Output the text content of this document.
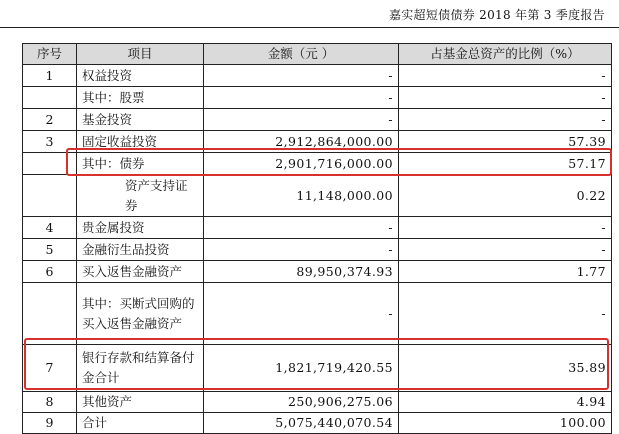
嘉实超短债债券 2018 年第 3 季度报告
序号	项目	金额（元 ）	占基金总资产的比例（%）
1	权益投资	-	-
	其中：股票	-	-
2	基金投资	-	-
3	固定收益投资	2,912,864,000.00	57.39
	其中：债券	2,901,716,000.00	57.17
	资产支持证券	11,148,000.00	0.22
4	贵金属投资	-	-
5	金融衍生品投资	-	-
6	买入返售金融资产	89,950,374.93	1.77
	其中：买断式回购的买入返售金融资产	-	-
7	银行存款和结算备付金合计	1,821,719,420.55	35.89
8	其他资产	250,906,275.06	4.94
9	合计	5,075,440,070.54	100.00
